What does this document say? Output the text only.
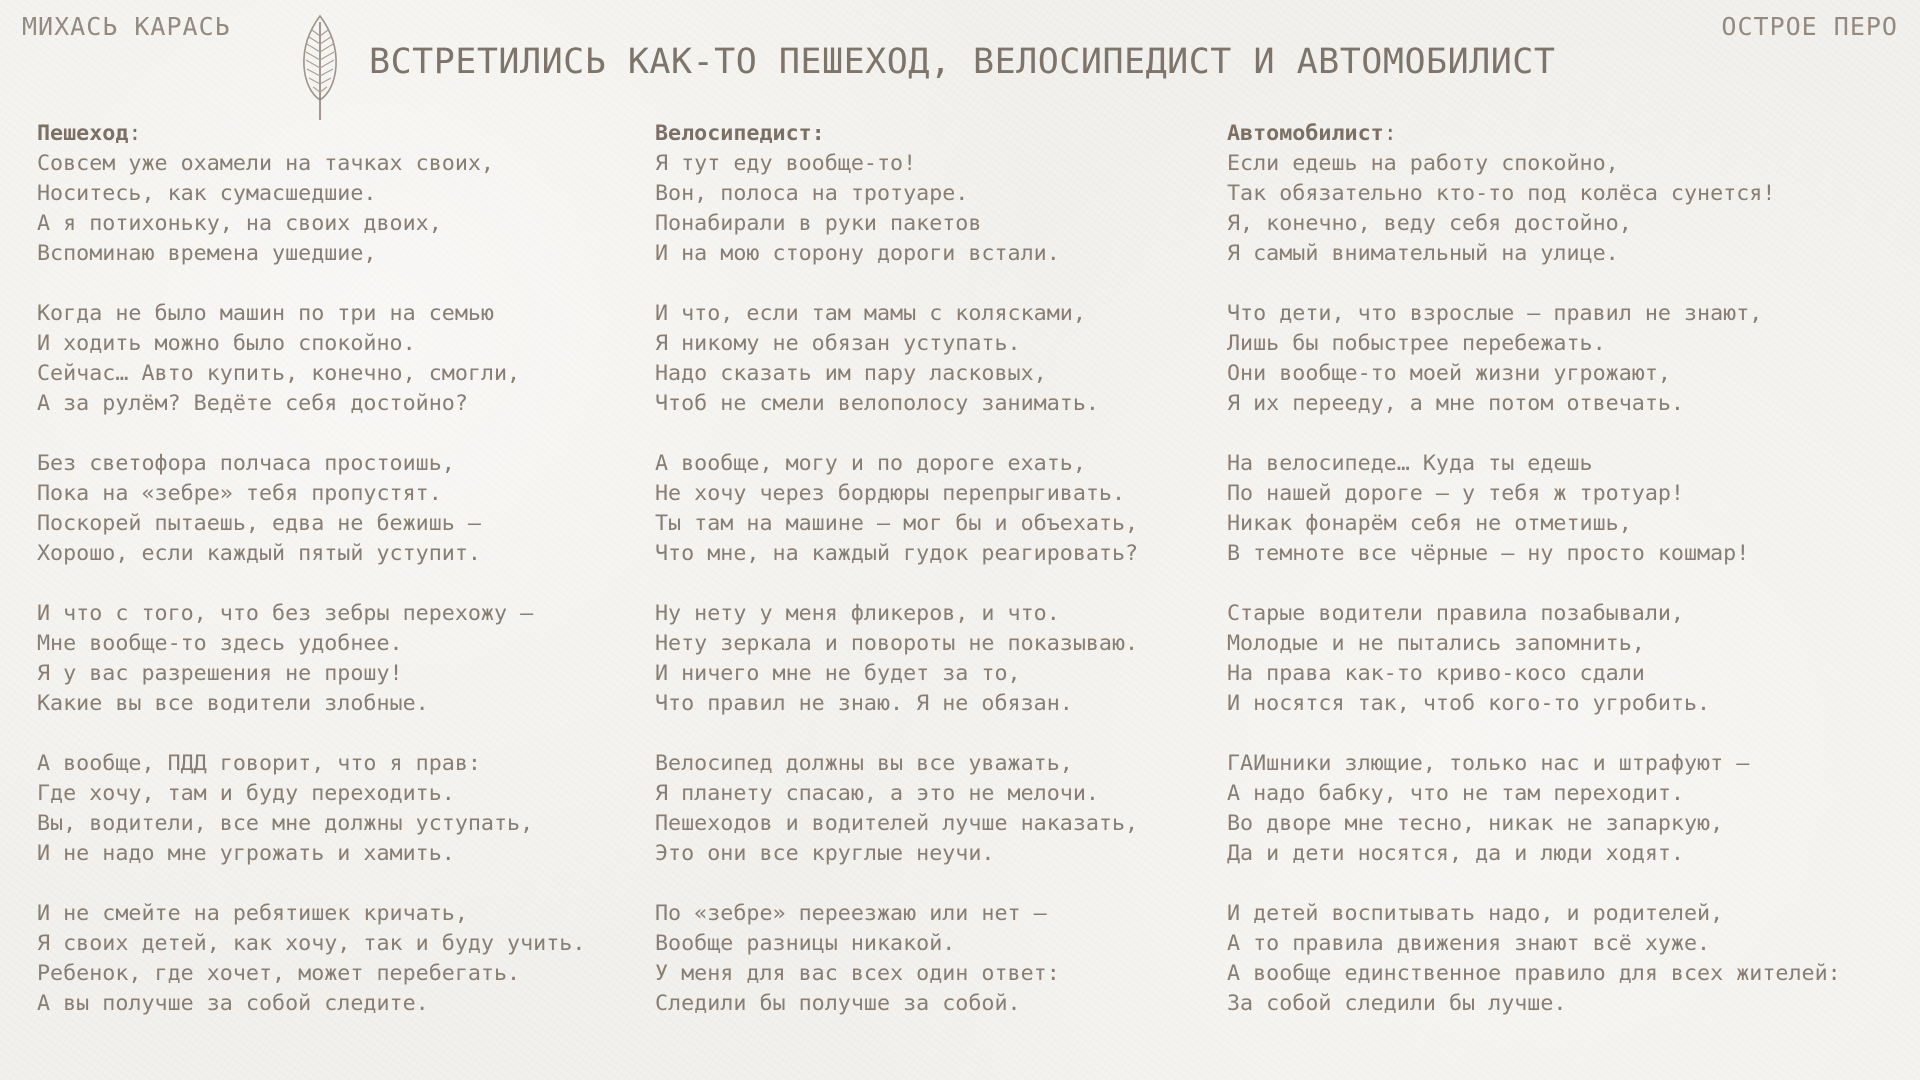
МИХАСЬ КАРАСЬ	ОСТРОЕ ПЕРО
ВСТРЕТИЛИСЬ КАК-ТО ПЕШЕХОД, ВЕЛОСИПЕДИСТ И АВТОМОБИЛИСТ
Пешеход:
Совсем уже охамели на тачках своих,
Носитесь, как сумасшедшие.
А я потихоньку, на своих двоих,
Вспоминаю времена ушедшие,
Когда не было машин по три на семью
И ходить можно было спокойно.
Сейчас… Авто купить, конечно, смогли,
А за рулём? Ведёте себя достойно?
Без светофора полчаса простоишь,
Пока на «зебре» тебя пропустят.
Поскорей пытаешь, едва не бежишь –
Хорошо, если каждый пятый уступит.
И что с того, что без зебры перехожу –
Мне вообще-то здесь удобнее.
Я у вас разрешения не прошу!
Какие вы все водители злобные.
А вообще, ПДД говорит, что я прав:
Где хочу, там и буду переходить.
Вы, водители, все мне должны уступать,
И не надо мне угрожать и хамить.
И не смейте на ребятишек кричать,
Я своих детей, как хочу, так и буду учить.
Ребенок, где хочет, может перебегать.
А вы получше за собой следите.
Велосипедист:
Я тут еду вообще-то!
Вон, полоса на тротуаре.
Понабирали в руки пакетов
И на мою сторону дороги встали.
И что, если там мамы с колясками,
Я никому не обязан уступать.
Надо сказать им пару ласковых,
Чтоб не смели велополосу занимать.
А вообще, могу и по дороге ехать,
Не хочу через бордюры перепрыгивать.
Ты там на машине – мог бы и объехать,
Что мне, на каждый гудок реагировать?
Ну нету у меня фликеров, и что.
Нету зеркала и повороты не показываю.
И ничего мне не будет за то,
Что правил не знаю. Я не обязан.
Велосипед должны вы все уважать,
Я планету спасаю, а это не мелочи.
Пешеходов и водителей лучше наказать,
Это они все круглые неучи.
По «зебре» переезжаю или нет –
Вообще разницы никакой.
У меня для вас всех один ответ:
Следили бы получше за собой.
Автомобилист:
Если едешь на работу спокойно,
Так обязательно кто-то под колёса сунется!
Я, конечно, веду себя достойно,
Я самый внимательный на улице.
Что дети, что взрослые – правил не знают,
Лишь бы побыстрее перебежать.
Они вообще-то моей жизни угрожают,
Я их перееду, а мне потом отвечать.
На велосипеде… Куда ты едешь
По нашей дороге – у тебя ж тротуар!
Никак фонарём себя не отметишь,
В темноте все чёрные – ну просто кошмар!
Старые водители правила позабывали,
Молодые и не пытались запомнить,
На права как-то криво-косо сдали
И носятся так, чтоб кого-то угробить.
ГАИшники злющие, только нас и штрафуют –
А надо бабку, что не там переходит.
Во дворе мне тесно, никак не запаркую,
Да и дети носятся, да и люди ходят.
И детей воспитывать надо, и родителей,
А то правила движения знают всё хуже.
А вообще единственное правило для всех жителей:
За собой следили бы лучше.
